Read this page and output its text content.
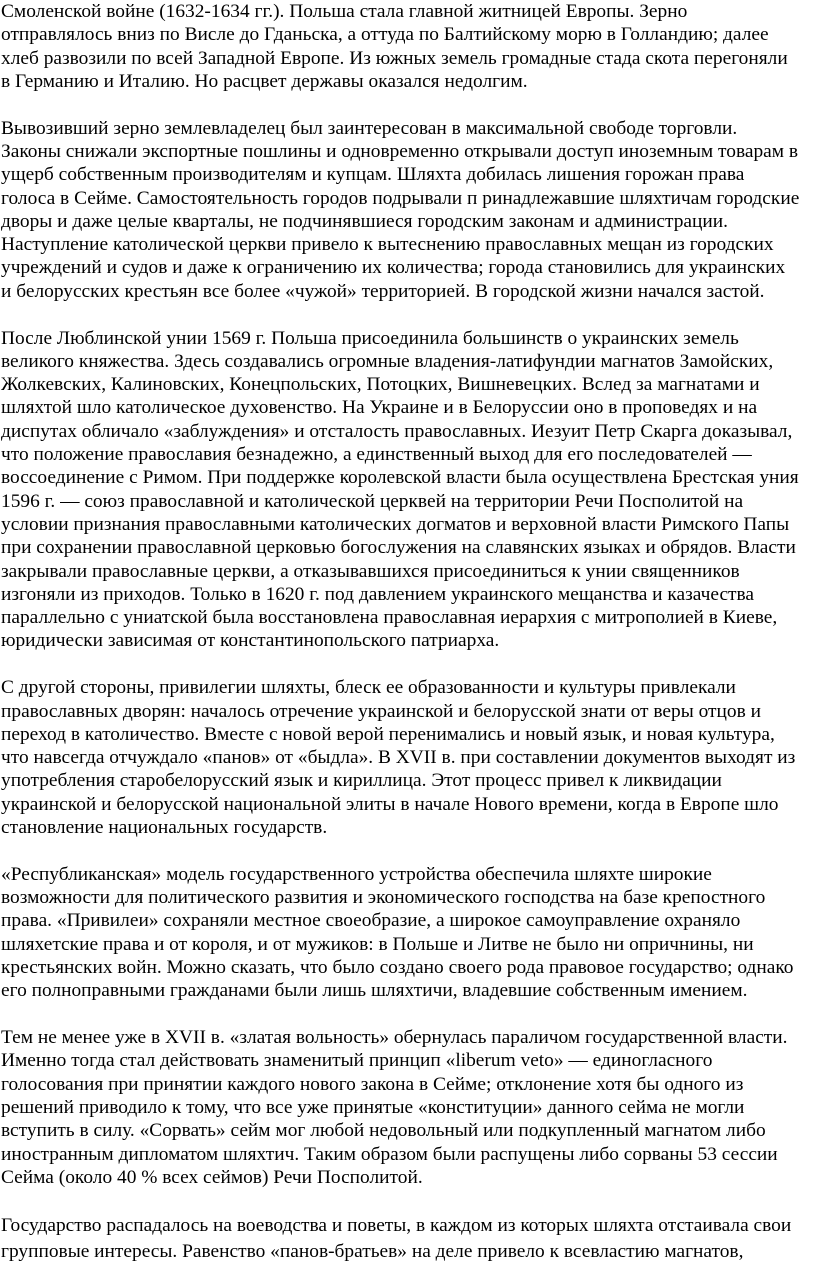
Смоленской войне (1632-1634 гг.). Польша стала главной житницей Европы. Зерно
отправлялось вниз по Висле до Гданьска, а оттуда по Балтийскому морю в Голландию; далее
хлеб развозили по всей Западной Европе. Из южных земель громадные стада скота перегоняли
в Германию и Италию. Но расцвет державы оказался недолгим.

Вывозивший зерно землевладелец был заинтересован в максимальной свободе торговли.
Законы снижали экспортные пошлины и одновременно открывали доступ иноземным товарам в
ущерб собственным производителям и купцам. Шляхта добилась лишения горожан права
голоса в Сейме. Самостоятельность городов подрывали п ринадлежавшие шляхтичам городские
дворы и даже целые кварталы, не подчинявшиеся городским законам и администрации.
Наступление католической церкви привело к вытеснению православных мещан из городских
учреждений и судов и даже к ограничению их количества; города становились для украинских
и белорусских крестьян все более «чужой» территорией. В городской жизни начался застой.

После Люблинской унии 1569 г. Польша присоединила большинств о украинских земель
великого княжества. Здесь создавались огромные владения-латифундии магнатов Замойских,
Жолкевских, Калиновских, Конецпольских, Потоцких, Вишневецких. Вслед за магнатами и
шляхтой шло католическое духовенство. На Украине и в Белоруссии оно в проповедях и на
диспутах обличало «заблуждения» и отсталость православных. Иезуит Петр Скарга доказывал,
что положение православия безнадежно, а единственный выход для его последователей —
воссоединение с Римом. При поддержке королевской власти была осуществлена Брестская уния
1596 г. — союз православной и католической церквей на территории Речи Посполитой на
условии признания православными католических догматов и верховной власти Римского Папы
при сохранении православной церковью богослужения на славянских языках и обрядов. Власти
закрывали православные церкви, а отказывавшихся присоединиться к унии священников
изгоняли из приходов. Только в 1620 г. под давлением украинского мещанства и казачества
параллельно с униатской была восстановлена православная иерархия с митрополией в Киеве,
юридически зависимая от константинопольского патриарха.

С другой стороны, привилегии шляхты, блеск ее образованности и культуры привлекали
православных дворян: началось отречение украинской и белорусской знати от веры отцов и
переход в католичество. Вместе с новой верой перенимались и новый язык, и новая культура,
что навсегда отчуждало «панов» от «быдла». В XVII в. при составлении документов выходят из
употребления старобелорусский язык и кириллица. Этот процесс привел к ликвидации
украинской и белорусской национальной элиты в начале Нового времени, когда в Европе шло
становление национальных государств.

«Республиканская» модель государственного устройства обеспечила шляхте широкие
возможности для политического развития и экономического господства на базе крепостного
права. «Привилеи» сохраняли местное своеобразие, а широкое самоуправление охраняло
шляхетские права и от короля, и от мужиков: в Польше и Литве не было ни опричнины, ни
крестьянских войн. Можно сказать, что было создано своего рода правовое государство; однако
его полноправными гражданами были лишь шляхтичи, владевшие собственным имением.

Тем не менее уже в XVII в. «златая вольность» обернулась параличом государственной власти.
Именно тогда стал действовать знаменитый принцип «liberum veto» — единогласного
голосования при принятии каждого нового закона в Сейме; отклонение хотя бы одного из
решений приводило к тому, что все уже принятые «конституции» данного сейма не могли
вступить в силу. «Сорвать» сейм мог любой недовольный или подкупленный магнатом либо
иностранным дипломатом шляхтич. Таким образом были распущены либо сорваны 53 сессии
Сейма (около 40 % всех сеймов) Речи Посполитой.

Государство распадалось на воеводства и поветы, в каждом из которых шляхта отстаивала свои
групповые интересы. Равенство «панов-братьев» на деле привело к всевластию магнатов,
